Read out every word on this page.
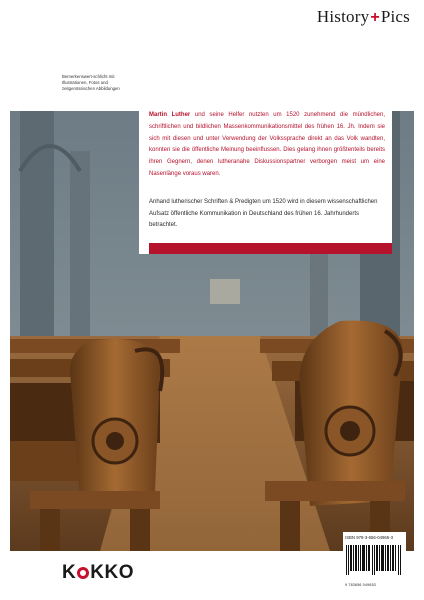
History+Pics
Bemerkenswert-schlicht mit Illustrationen, Fotos und zeitgenössischen Abbildungen

Martin Luther und seine Helfer nutzten um 1520 zunehmend die mündlichen, schriftlichen und bildlichen Massenkommunikationsmittel des frühen 16. Jh. Indem sie sich mit diesen und unter Verwendung der Volkssprache direkt an das Volk wandten, konnten sie die öffentliche Meinung beeinflussen. Dies gelang ihnen größtenteils bereits ihren Gegnern, denen lutheranahe Diskussionspartner verborgen meist um eine Nasenlänge voraus waren.

Anhand lutherischer Schriften & Predigten um 1520 wird in diesem wissenschaftlichen Aufsatz öffentliche Kommunikation in Deutschland des frühen 16. Jahrhunderts betrachtet.

ISBN 978-3-656-04965-3
9 783656 049653
K KK O
